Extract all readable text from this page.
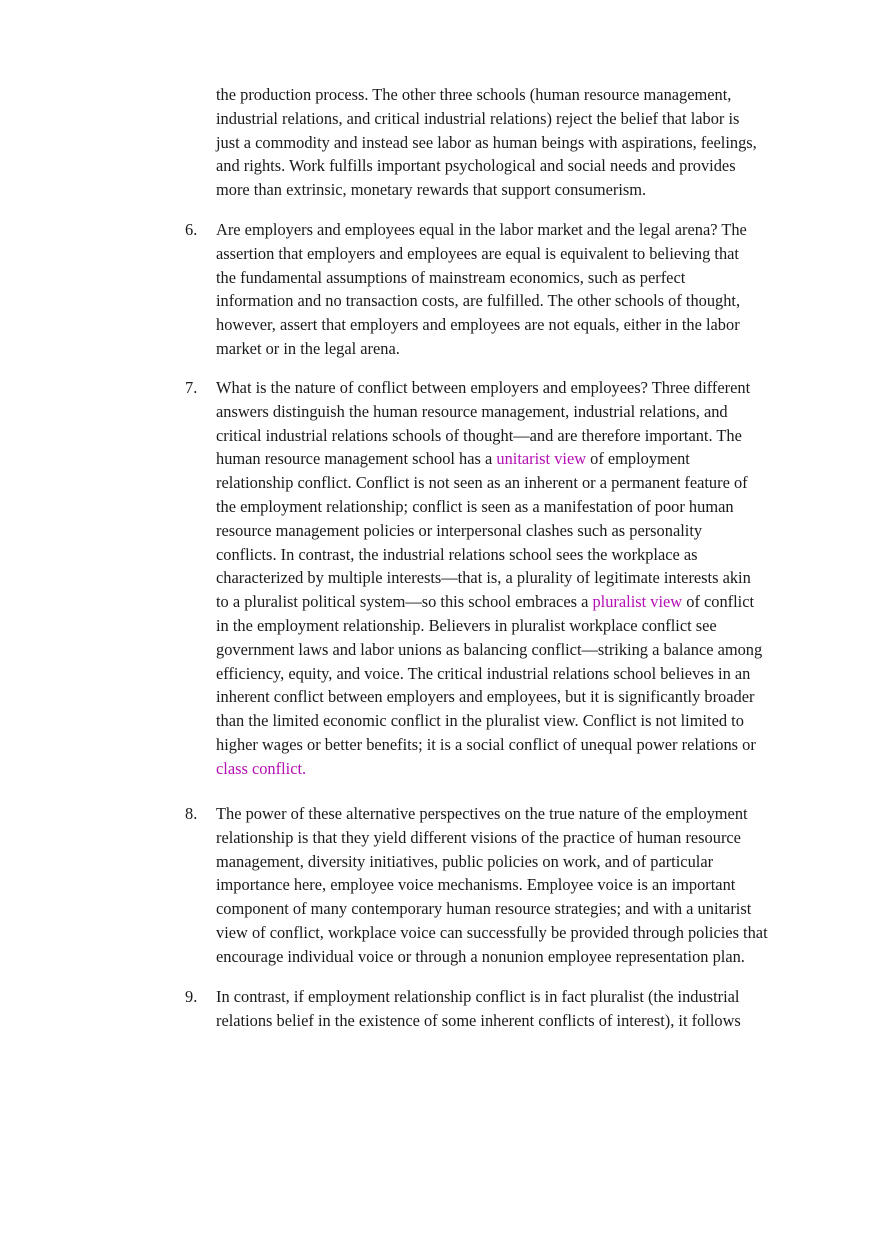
the production process. The other three schools (human resource management,
industrial relations, and critical industrial relations) reject the belief that labor is
just a commodity and instead see labor as human beings with aspirations, feelings,
and rights. Work fulfills important psychological and social needs and provides
more than extrinsic, monetary rewards that support consumerism.
6. Are employers and employees equal in the labor market and the legal arena? The
assertion that employers and employees are equal is equivalent to believing that
the fundamental assumptions of mainstream economics, such as perfect
information and no transaction costs, are fulfilled. The other schools of thought,
however, assert that employers and employees are not equals, either in the labor
market or in the legal arena.
7. What is the nature of conflict between employers and employees? Three different
answers distinguish the human resource management, industrial relations, and
critical industrial relations schools of thought—and are therefore important. The
human resource management school has a unitarist view of employment
relationship conflict. Conflict is not seen as an inherent or a permanent feature of
the employment relationship; conflict is seen as a manifestation of poor human
resource management policies or interpersonal clashes such as personality
conflicts. In contrast, the industrial relations school sees the workplace as
characterized by multiple interests—that is, a plurality of legitimate interests akin
to a pluralist political system—so this school embraces a pluralist view of conflict
in the employment relationship. Believers in pluralist workplace conflict see
government laws and labor unions as balancing conflict—striking a balance among
efficiency, equity, and voice. The critical industrial relations school believes in an
inherent conflict between employers and employees, but it is significantly broader
than the limited economic conflict in the pluralist view. Conflict is not limited to
higher wages or better benefits; it is a social conflict of unequal power relations or
class conflict.
8. The power of these alternative perspectives on the true nature of the employment
relationship is that they yield different visions of the practice of human resource
management, diversity initiatives, public policies on work, and of particular
importance here, employee voice mechanisms. Employee voice is an important
component of many contemporary human resource strategies; and with a unitarist
view of conflict, workplace voice can successfully be provided through policies that
encourage individual voice or through a nonunion employee representation plan.
9. In contrast, if employment relationship conflict is in fact pluralist (the industrial
relations belief in the existence of some inherent conflicts of interest), it follows
